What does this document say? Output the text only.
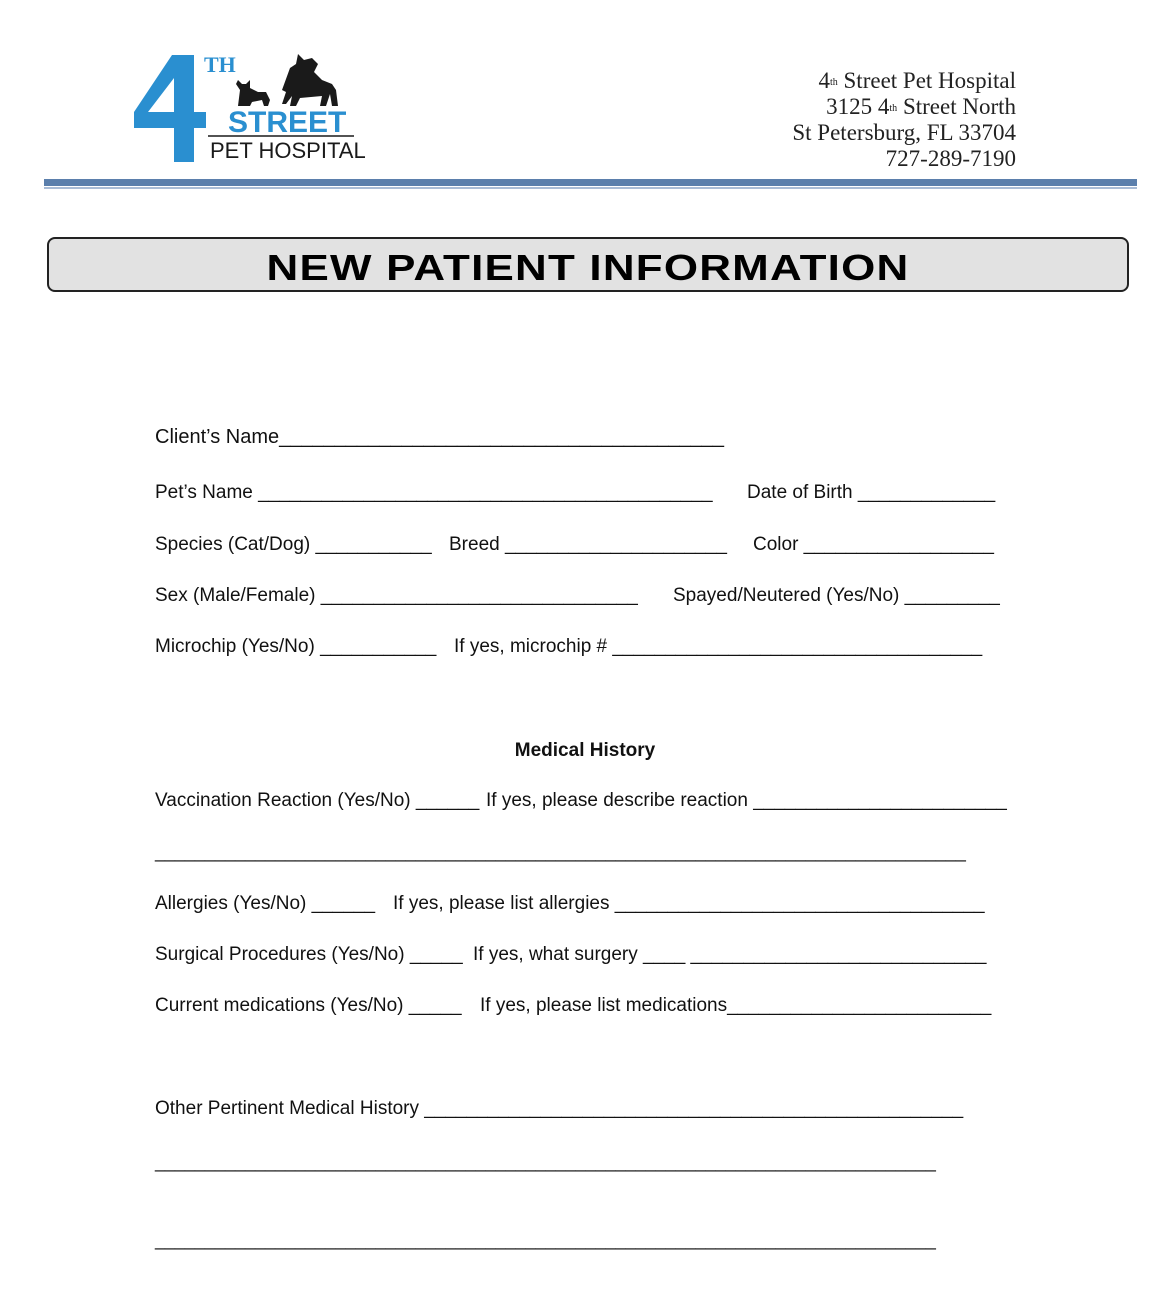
TH
STREET
PET HOSPITAL
4th Street Pet Hospital
3125 4th Street North
St Petersburg, FL 33704
727-289-7190
NEW PATIENT INFORMATION
Client’s Name________________________________________
Pet’s Name ___________________________________________ Date of Birth _____________
Species (Cat/Dog) ___________ Breed _____________________ Color __________________
Sex (Male/Female) ______________________________ Spayed/Neutered (Yes/No) _________
Microchip (Yes/No) ___________ If yes, microchip # ___________________________________
Medical History
Vaccination Reaction (Yes/No) ______ If yes, please describe reaction ________________________
_________________________________________________________________________________
Allergies (Yes/No) ______ If yes, please list allergies ___________________________________
Surgical Procedures (Yes/No) _____ If yes, what surgery ____ ____________________________
Current medications (Yes/No) _____ If yes, please list medications_________________________
Other Pertinent Medical History ___________________________________________________
______________________________________________________________________________
______________________________________________________________________________
